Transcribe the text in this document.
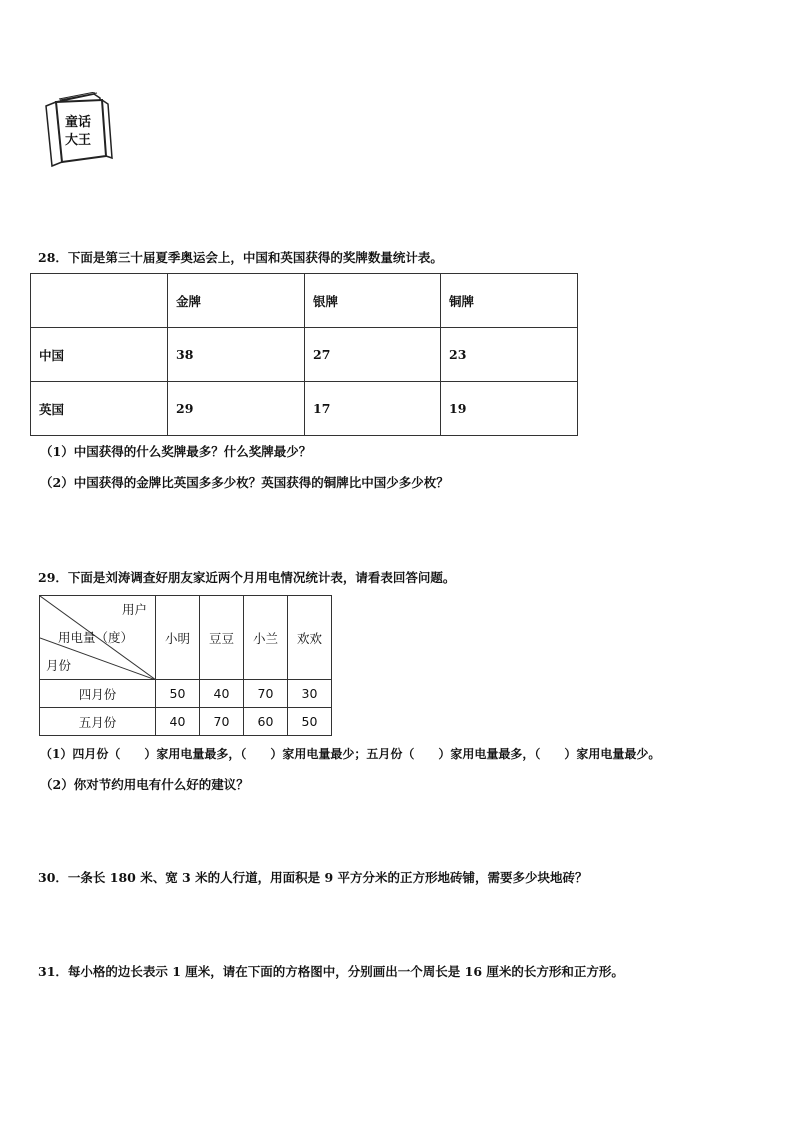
童话
大王
28．下面是第三十届夏季奥运会上，中国和英国获得的奖牌数量统计表。
	金牌	银牌	铜牌
中国	38	27	23
英国	29	17	19
（1）中国获得的什么奖牌最多？什么奖牌最少？
（2）中国获得的金牌比英国多多少枚？英国获得的铜牌比中国少多少枚？
29．下面是刘涛调查好朋友家近两个月用电情况统计表，请看表回答问题。
用户
用电量（度）
月份	小明	豆豆	小兰	欢欢
四月份	50	40	70	30
五月份	40	70	60	50
（1）四月份（　　）家用电量最多，（　　）家用电量最少；五月份（　　）家用电量最多，（　　）家用电量最少。
（2）你对节约用电有什么好的建议？
30．一条长 180 米、宽 3 米的人行道，用面积是 9 平方分米的正方形地砖铺，需要多少块地砖？
31．每小格的边长表示 1 厘米，请在下面的方格图中，分别画出一个周长是 16 厘米的长方形和正方形。
